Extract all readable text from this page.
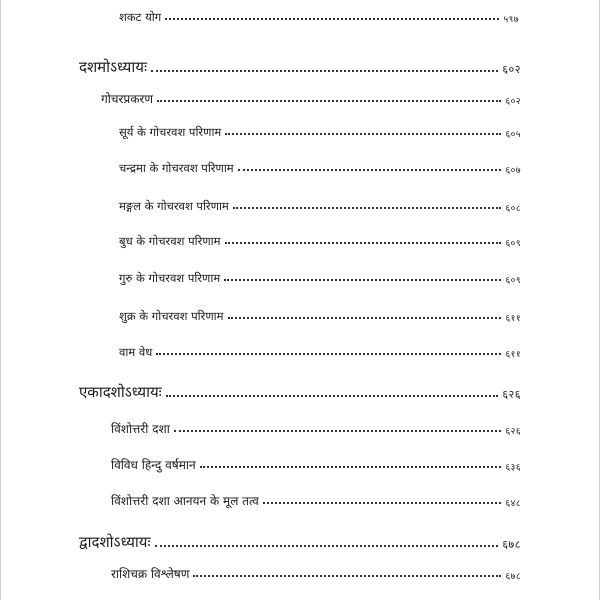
शकट योग	५९७
दशमोऽध्यायः	६०२
गोचरप्रकरण	६०२
सूर्य के गोचरवश परिणाम	६०५
चन्द्रमा के गोचरवश परिणाम	६०७
मङ्गल के गोचरवश परिणाम	६०८
बुध के गोचरवश परिणाम	६०९
गुरु के गोचरवश परिणाम	६०९
शुक्र के गोचरवश परिणाम	६११
वाम वेध	६११
एकादशोऽध्यायः	६२६
विंशोत्तरी दशा	६२६
विविध हिन्दु वर्षमान	६३६
विंशोत्तरी दशा आनयन के मूल तत्व	६४८
द्वादशोऽध्यायः	६७८
राशिचक्र विश्लेषण	६७८
